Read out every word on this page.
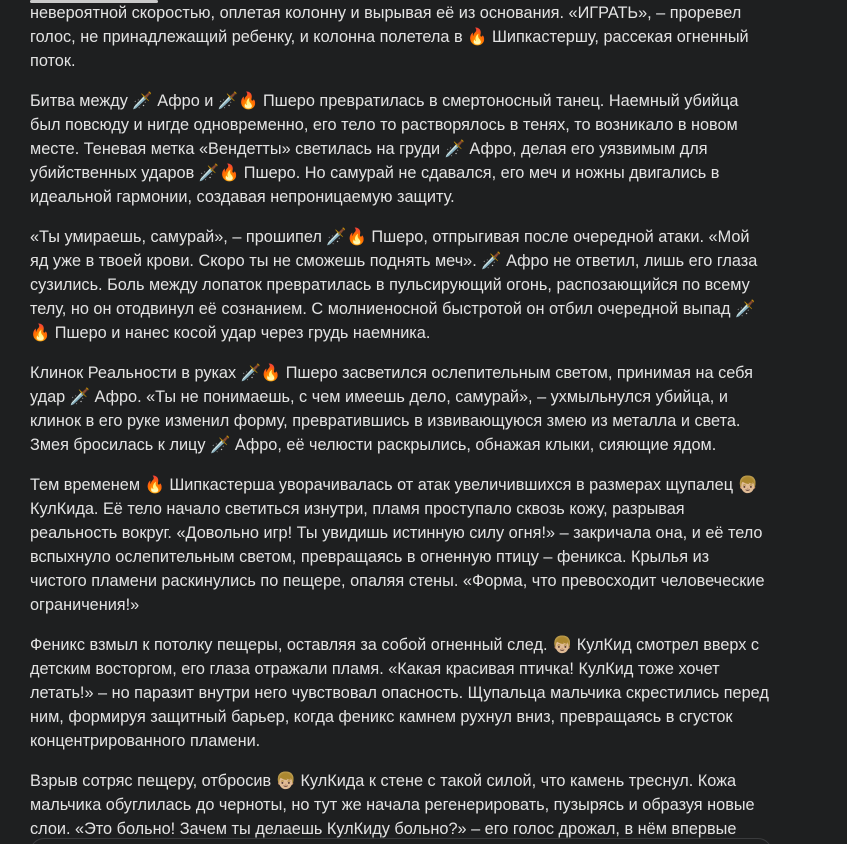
невероятной скоростью, оплетая колонну и вырывая её из основания. «ИГРАТЬ», – проревел голос, не принадлежащий ребенку, и колонна полетела в 🔥 Шипкастершу, рассекая огненный поток.

Битва между 🗡️ Афро и 🗡️🔥 Пшеро превратилась в смертоносный танец. Наемный убийца был повсюду и нигде одновременно, его тело то растворялось в тенях, то возникало в новом месте. Теневая метка «Вендетты» светилась на груди 🗡️ Афро, делая его уязвимым для убийственных ударов 🗡️🔥 Пшеро. Но самурай не сдавался, его меч и ножны двигались в идеальной гармонии, создавая непроницаемую защиту.

«Ты умираешь, самурай», – прошипел 🗡️🔥 Пшеро, отпрыгивая после очередной атаки. «Мой яд уже в твоей крови. Скоро ты не сможешь поднять меч». 🗡️ Афро не ответил, лишь его глаза сузились. Боль между лопаток превратилась в пульсирующий огонь, распозающийся по всему телу, но он отодвинул её сознанием. С молниеносной быстротой он отбил очередной выпад 🗡️🔥 Пшеро и нанес косой удар через грудь наемника.

Клинок Реальности в руках 🗡️🔥 Пшеро засветился ослепительным светом, принимая на себя удар 🗡️ Афро. «Ты не понимаешь, с чем имеешь дело, самурай», – ухмыльнулся убийца, и клинок в его руке изменил форму, превратившись в извивающуюся змею из металла и света. Змея бросилась к лицу 🗡️ Афро, её челюсти раскрылись, обнажая клыки, сияющие ядом.

Тем временем 🔥 Шипкастерша уворачивалась от атак увеличившихся в размерах щупалец 👦🏼 КулКида. Её тело начало светиться изнутри, пламя проступало сквозь кожу, разрывая реальность вокруг. «Довольно игр! Ты увидишь истинную силу огня!» – закричала она, и её тело вспыхнуло ослепительным светом, превращаясь в огненную птицу – феникса. Крылья из чистого пламени раскинулись по пещере, опаляя стены. «Форма, что превосходит человеческие ограничения!»

Феникс взмыл к потолку пещеры, оставляя за собой огненный след. 👦🏼 КулКид смотрел вверх с детским восторгом, его глаза отражали пламя. «Какая красивая птичка! КулКид тоже хочет летать!» – но паразит внутри него чувствовал опасность. Щупальца мальчика скрестились перед ним, формируя защитный барьер, когда феникс камнем рухнул вниз, превращаясь в сгусток концентрированного пламени.

Взрыв сотряс пещеру, отбросив 👦🏼 КулКида к стене с такой силой, что камень треснул. Кожа мальчика обуглилась до черноты, но тут же начала регенерировать, пузырясь и образуя новые слои. «Это больно! Зачем ты делаешь КулКиду больно?» – его голос дрожал, в нём впервые
